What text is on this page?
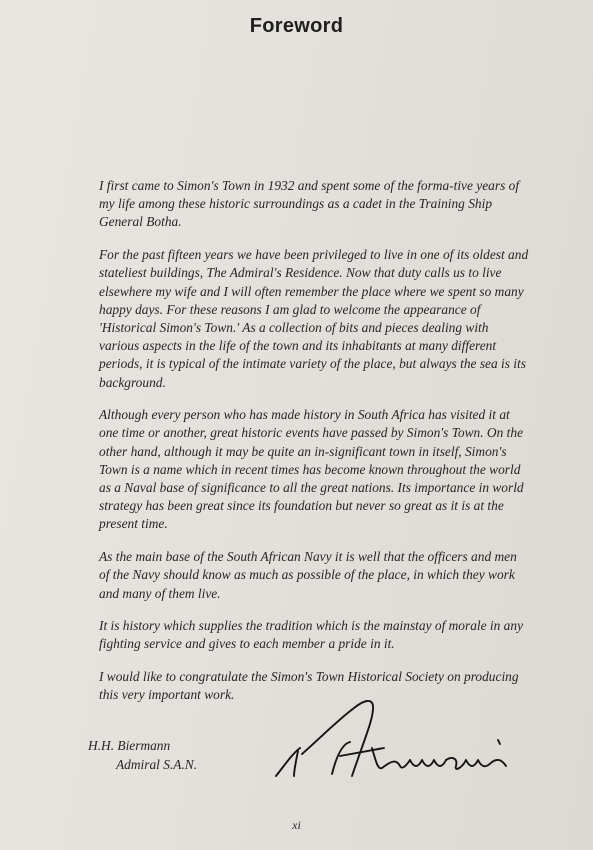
Foreword

I first came to Simon's Town in 1932 and spent some of the forma-tive years of my life among these historic surroundings as a cadet in the Training Ship General Botha.

For the past fifteen years we have been privileged to live in one of its oldest and stateliest buildings, The Admiral's Residence. Now that duty calls us to live elsewhere my wife and I will often remember the place where we spent so many happy days. For these reasons I am glad to welcome the appearance of 'Historical Simon's Town.' As a collection of bits and pieces dealing with various aspects in the life of the town and its inhabitants at many different periods, it is typical of the intimate variety of the place, but always the sea is its background.

Although every person who has made history in South Africa has visited it at one time or another, great historic events have passed by Simon's Town. On the other hand, although it may be quite an in-significant town in itself, Simon's Town is a name which in recent times has become known throughout the world as a Naval base of significance to all the great nations. Its importance in world strategy has been great since its foundation but never so great as it is at the present time.

As the main base of the South African Navy it is well that the officers and men of the Navy should know as much as possible of the place, in which they work and many of them live.

It is history which supplies the tradition which is the mainstay of morale in any fighting service and gives to each member a pride in it.

I would like to congratulate the Simon's Town Historical Society on producing this very important work.

H.H. Biermann
Admiral S.A.N.
xi
